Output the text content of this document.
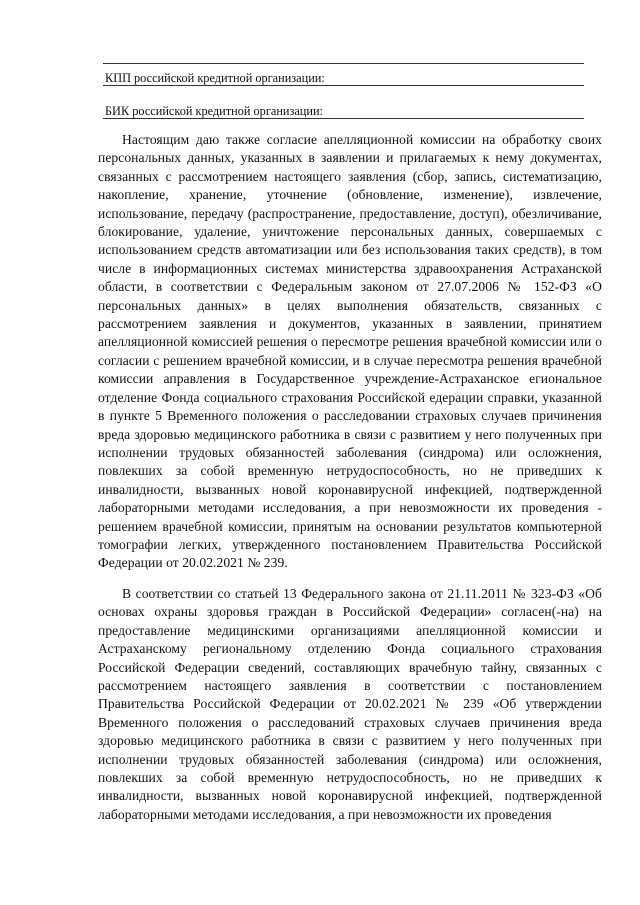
КПП российской кредитной организации:
БИК российской кредитной организации:

Настоящим даю также согласие апелляционной комиссии на обработку своих персональных данных, указанных в заявлении и прилагаемых к нему документах, связанных с рассмотрением настоящего заявления (сбор, запись, систематизацию, накопление, хранение, уточнение (обновление, изменение), извлечение, использование, передачу (распространение, предоставление, доступ), обезличивание, блокирование, удаление, уничтожение персональных данных, совершаемых с использованием средств автоматизации или без использования таких средств), в том числе в информационных системах министерства здравоохранения Астраханской области, в соответствии с Федеральным законом от 27.07.2006 № 152-ФЗ «О персональных данных» в целях выполнения обязательств, связанных с рассмотрением заявления и документов, указанных в заявлении, принятием апелляционной комиссией решения о пересмотре решения врачебной комиссии или о согласии с решением врачебной комиссии, и в случае пересмотра решения врачебной комиссии аправления в Государственное учреждение-Астраханское егиональное отделение Фонда социального страхования Российской едерации справки, указанной в пункте 5 Временного положения о расследовании страховых случаев причинения вреда здоровью медицинского работника в связи с развитием у него полученных при исполнении трудовых обязанностей заболевания (синдрома) или осложнения, повлекших за собой временную нетрудоспособность, но не приведших к инвалидности, вызванных новой коронавирусной инфекцией, подтвержденной лабораторными методами исследования, а при невозможности их проведения - решением врачебной комиссии, принятым на основании результатов компьютерной томографии легких, утвержденного постановлением Правительства Российской Федерации от 20.02.2021 № 239.

В соответствии со статьей 13 Федерального закона от 21.11.2011 № 323-ФЗ «Об основах охраны здоровья граждан в Российской Федерации» согласен(-на) на предоставление медицинскими организациями апелляционной комиссии и Астраханскому региональному отделению Фонда социального страхования Российской Федерации сведений, составляющих врачебную тайну, связанных с рассмотрением настоящего заявления в соответствии с постановлением Правительства Российской Федерации от 20.02.2021 № 239 «Об утверждении Временного положения о расследований страховых случаев причинения вреда здоровью медицинского работника в связи с развитием у него полученных при исполнении трудовых обязанностей заболевания (синдрома) или осложнения, повлекших за собой временную нетрудоспособность, но не приведших к инвалидности, вызванных новой коронавирусной инфекцией, подтвержденной лабораторными методами исследования, а при невозможности их проведения
